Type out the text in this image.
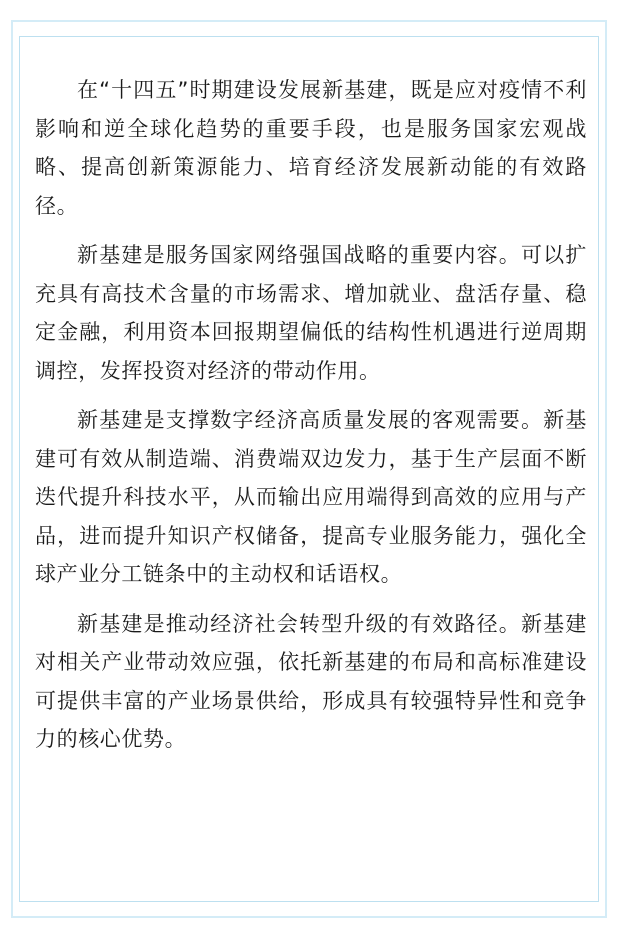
在“十四五”时期建设发展新基建，既是应对疫情不利影响和逆全球化趋势的重要手段，也是服务国家宏观战略、提高创新策源能力、培育经济发展新动能的有效路径。

新基建是服务国家网络强国战略的重要内容。可以扩充具有高技术含量的市场需求、增加就业、盘活存量、稳定金融，利用资本回报期望偏低的结构性机遇进行逆周期调控，发挥投资对经济的带动作用。

新基建是支撑数字经济高质量发展的客观需要。新基建可有效从制造端、消费端双边发力，基于生产层面不断迭代提升科技水平，从而输出应用端得到高效的应用与产品，进而提升知识产权储备，提高专业服务能力，强化全球产业分工链条中的主动权和话语权。

新基建是推动经济社会转型升级的有效路径。新基建对相关产业带动效应强，依托新基建的布局和高标准建设可提供丰富的产业场景供给，形成具有较强特异性和竞争力的核心优势。
